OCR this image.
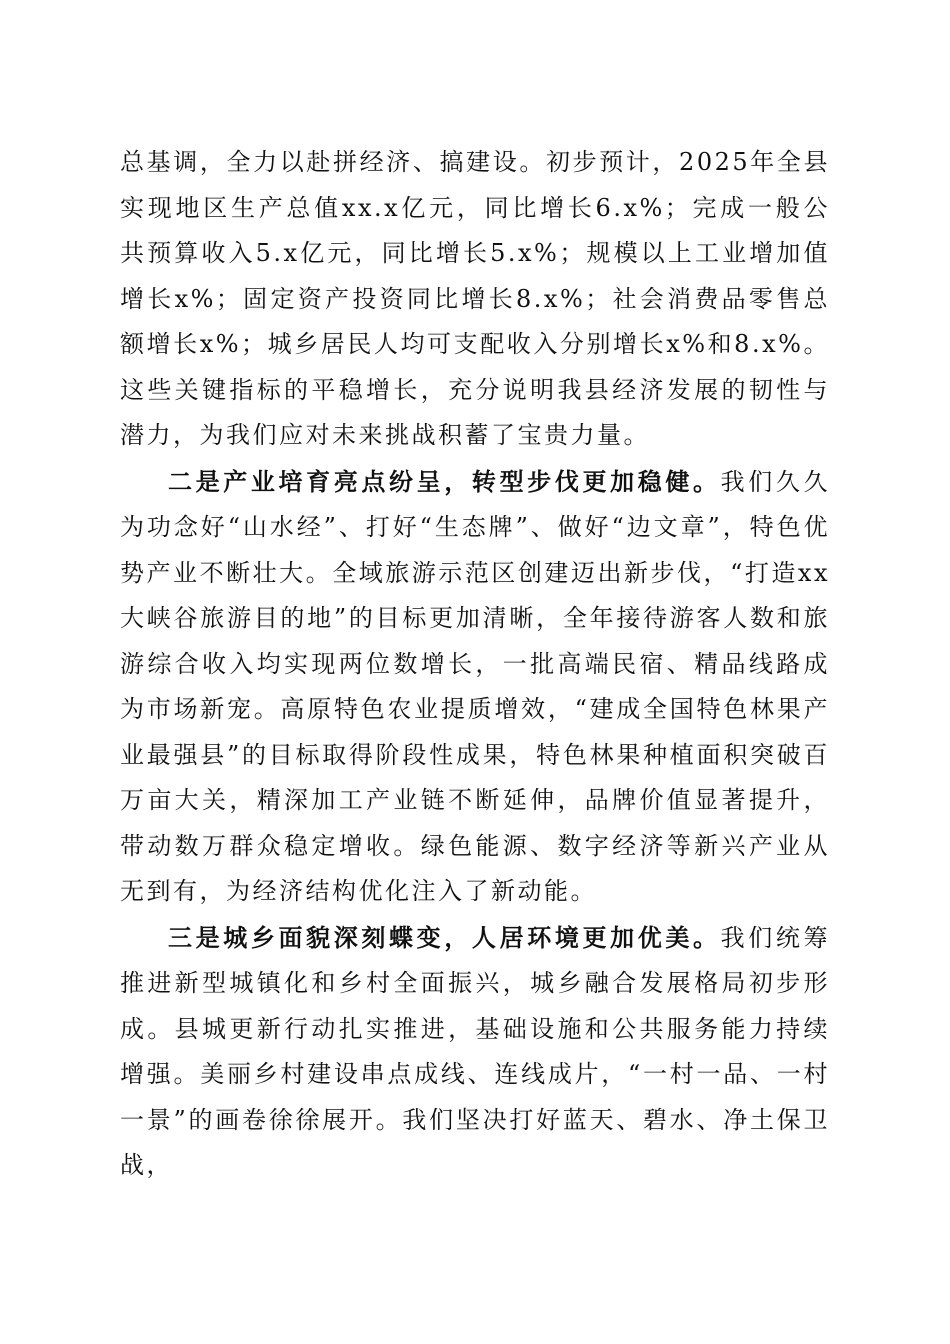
总基调，全力以赴拼经济、搞建设。初步预计，2025年全县实现地区生产总值xx.x亿元，同比增长6.x%；完成一般公共预算收入5.x亿元，同比增长5.x%；规模以上工业增加值增长x%；固定资产投资同比增长8.x%；社会消费品零售总额增长x%；城乡居民人均可支配收入分别增长x%和8.x%。这些关键指标的平稳增长，充分说明我县经济发展的韧性与潜力，为我们应对未来挑战积蓄了宝贵力量。

二是产业培育亮点纷呈，转型步伐更加稳健。我们久久为功念好“山水经”、打好“生态牌”、做好“边文章”，特色优势产业不断壮大。全域旅游示范区创建迈出新步伐，“打造xx大峡谷旅游目的地”的目标更加清晰，全年接待游客人数和旅游综合收入均实现两位数增长，一批高端民宿、精品线路成为市场新宠。高原特色农业提质增效，“建成全国特色林果产业最强县”的目标取得阶段性成果，特色林果种植面积突破百万亩大关，精深加工产业链不断延伸，品牌价值显著提升，带动数万群众稳定增收。绿色能源、数字经济等新兴产业从无到有，为经济结构优化注入了新动能。

三是城乡面貌深刻蝶变，人居环境更加优美。我们统筹推进新型城镇化和乡村全面振兴，城乡融合发展格局初步形成。县城更新行动扎实推进，基础设施和公共服务能力持续增强。美丽乡村建设串点成线、连线成片，“一村一品、一村一景”的画卷徐徐展开。我们坚决打好蓝天、碧水、净土保卫战，
